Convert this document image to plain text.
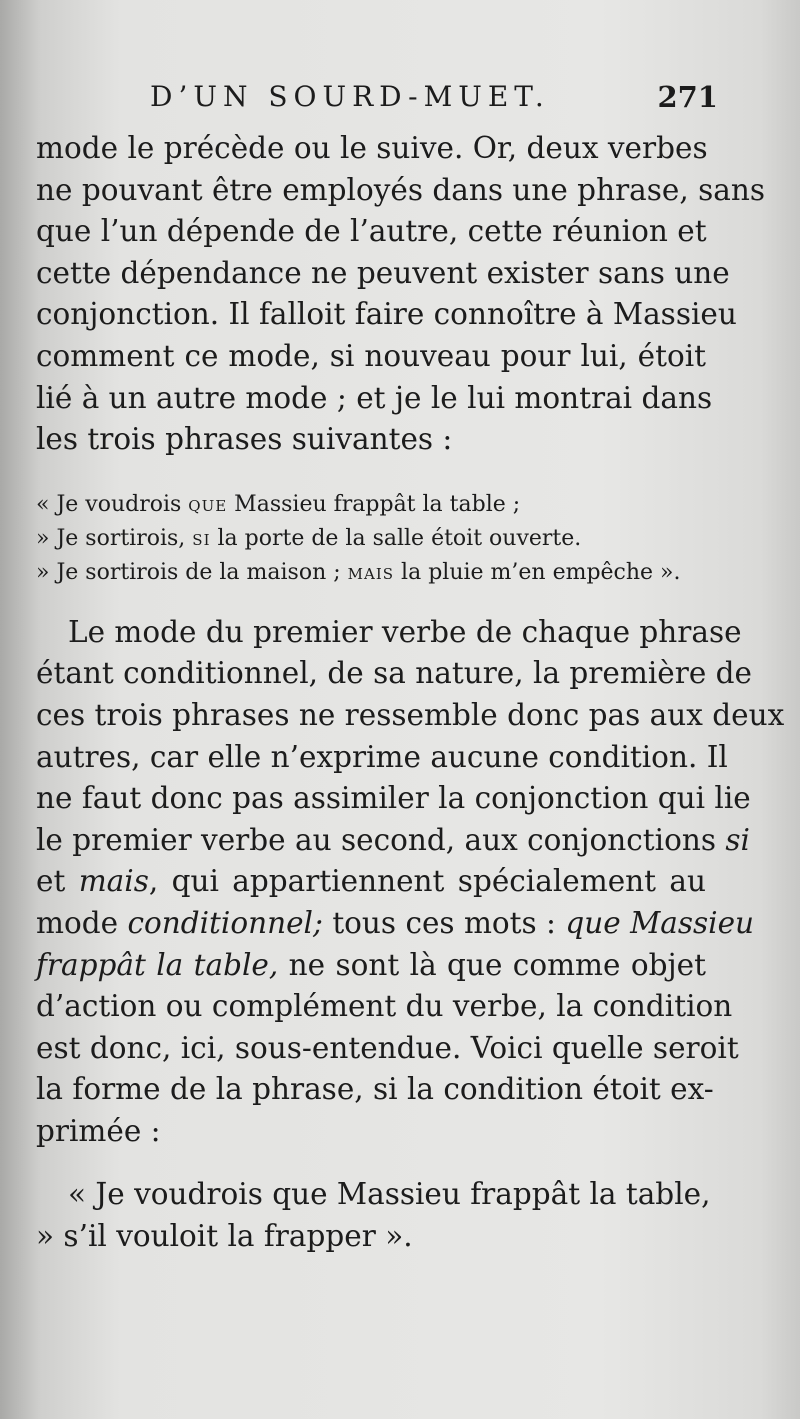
D’UN SOURD-MUET.	271
mode le précède ou le suive. Or, deux verbes
ne pouvant être employés dans une phrase, sans
que l’un dépende de l’autre, cette réunion et
cette dépendance ne peuvent exister sans une
conjonction. Il falloit faire connoître à Massieu
comment ce mode, si nouveau pour lui, étoit
lié à un autre mode ; et je le lui montrai dans
les trois phrases suivantes :
« Je voudrois que Massieu frappât la table ;
» Je sortirois, si la porte de la salle étoit ouverte.
» Je sortirois de la maison ; mais la pluie m’en empêche ».
Le mode du premier verbe de chaque phrase
étant conditionnel, de sa nature, la première de
ces trois phrases ne ressemble donc pas aux deux
autres, car elle n’exprime aucune condition. Il
ne faut donc pas assimiler la conjonction qui lie
le premier verbe au second, aux conjonctions si
et mais, qui appartiennent spécialement au
mode conditionnel; tous ces mots : que Massieu
frappât la table, ne sont là que comme objet
d’action ou complément du verbe, la condition
est donc, ici, sous-entendue. Voici quelle seroit
la forme de la phrase, si la condition étoit ex-
primée :
« Je voudrois que Massieu frappât la table,
» s’il vouloit la frapper ».
